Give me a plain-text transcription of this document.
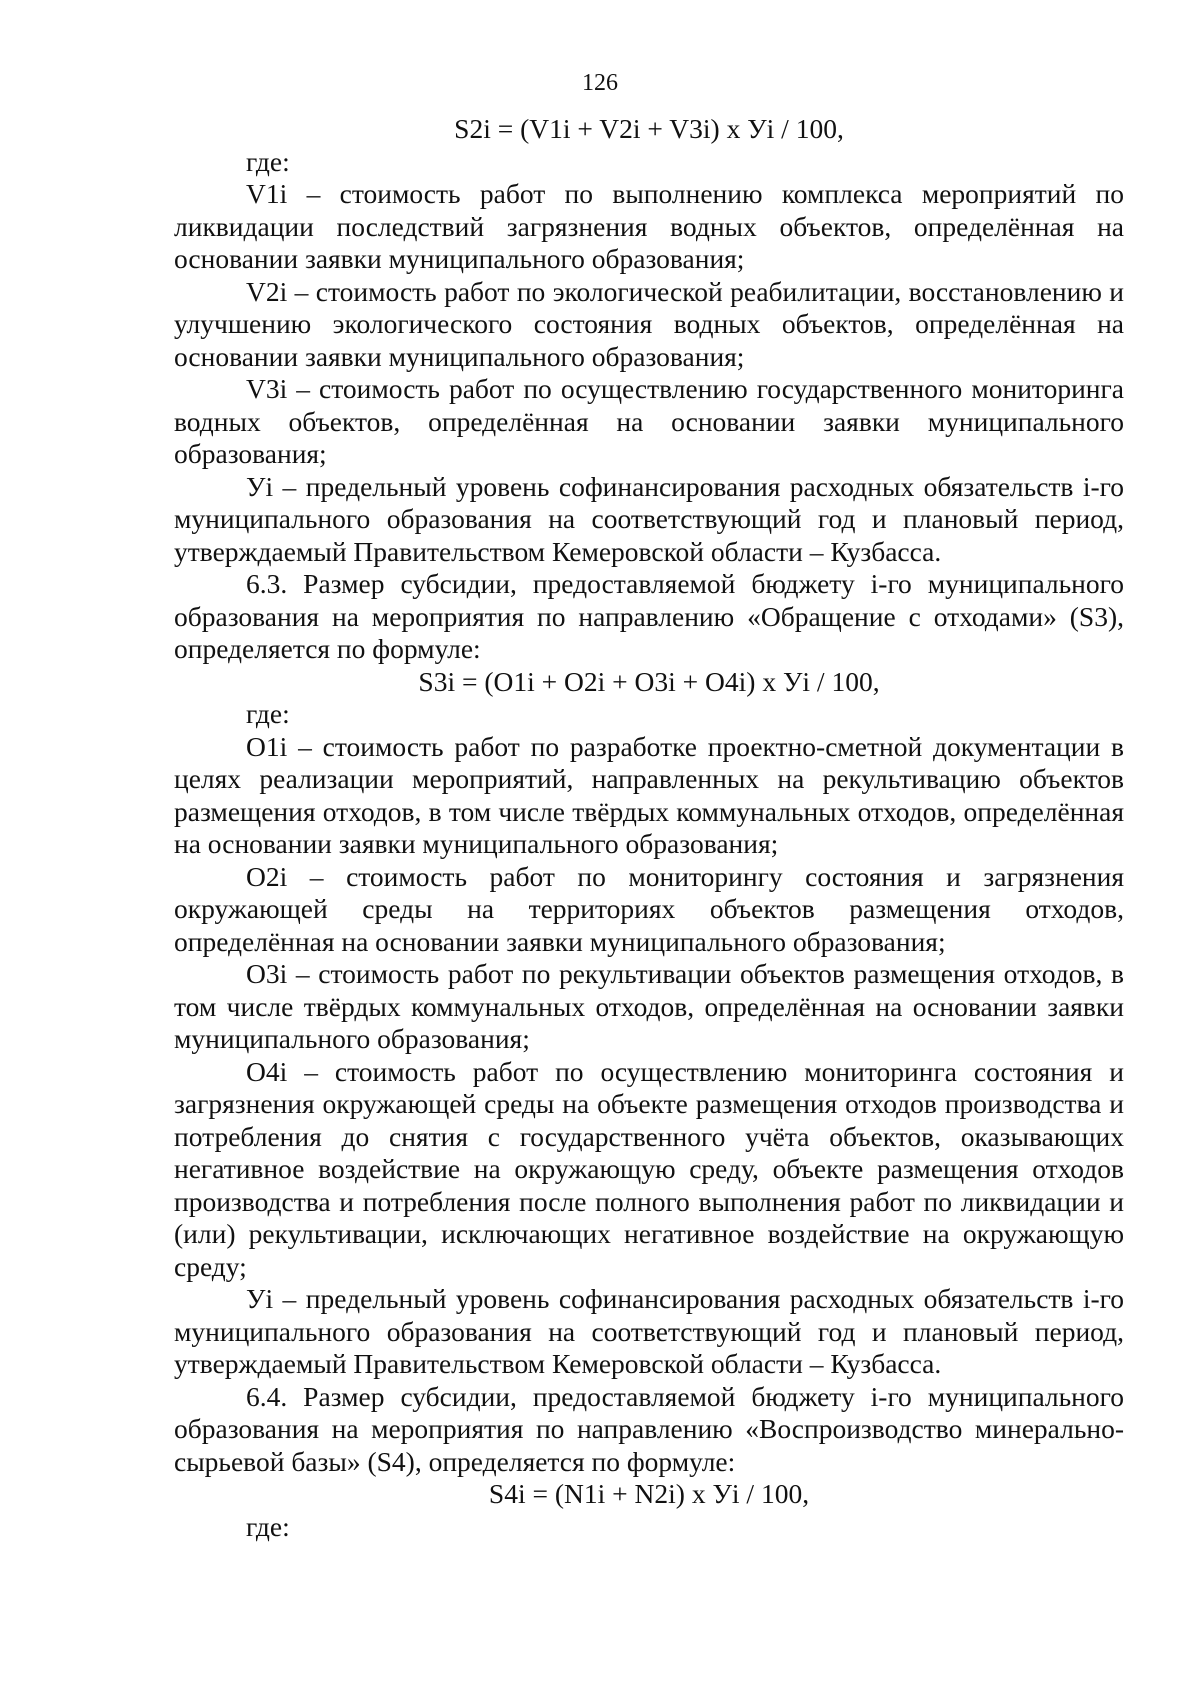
126

S2i = (V1i + V2i + V3i) x Уi / 100,

где:

V1i – стоимость работ по выполнению комплекса мероприятий по ликвидации последствий загрязнения водных объектов, определённая на основании заявки муниципального образования;

V2i – стоимость работ по экологической реабилитации, восстановлению и улучшению экологического состояния водных объектов, определённая на основании заявки муниципального образования;

V3i – стоимость работ по осуществлению государственного мониторинга водных объектов, определённая на основании заявки муниципального образования;

Уi – предельный уровень софинансирования расходных обязательств i-го муниципального образования на соответствующий год и плановый период, утверждаемый Правительством Кемеровской области – Кузбасса.

6.3. Размер субсидии, предоставляемой бюджету i-го муниципального образования на мероприятия по направлению «Обращение с отходами» (S3), определяется по формуле:

S3i = (O1i + O2i + O3i + O4i) x Уi / 100,

где:

O1i – стоимость работ по разработке проектно-сметной документации в целях реализации мероприятий, направленных на рекультивацию объектов размещения отходов, в том числе твёрдых коммунальных отходов, определённая на основании заявки муниципального образования;

O2i – стоимость работ по мониторингу состояния и загрязнения окружающей среды на территориях объектов размещения отходов, определённая на основании заявки муниципального образования;

O3i – стоимость работ по рекультивации объектов размещения отходов, в том числе твёрдых коммунальных отходов, определённая на основании заявки муниципального образования;

O4i – стоимость работ по осуществлению мониторинга состояния и загрязнения окружающей среды на объекте размещения отходов производства и потребления до снятия с государственного учёта объектов, оказывающих негативное воздействие на окружающую среду, объекте размещения отходов производства и потребления после полного выполнения работ по ликвидации и (или) рекультивации, исключающих негативное воздействие на окружающую среду;

Уi – предельный уровень софинансирования расходных обязательств i-го муниципального образования на соответствующий год и плановый период, утверждаемый Правительством Кемеровской области – Кузбасса.

6.4. Размер субсидии, предоставляемой бюджету i-го муниципального образования на мероприятия по направлению «Воспроизводство минерально-сырьевой базы» (S4), определяется по формуле:

S4i = (N1i + N2i) x Уi / 100,

где:
